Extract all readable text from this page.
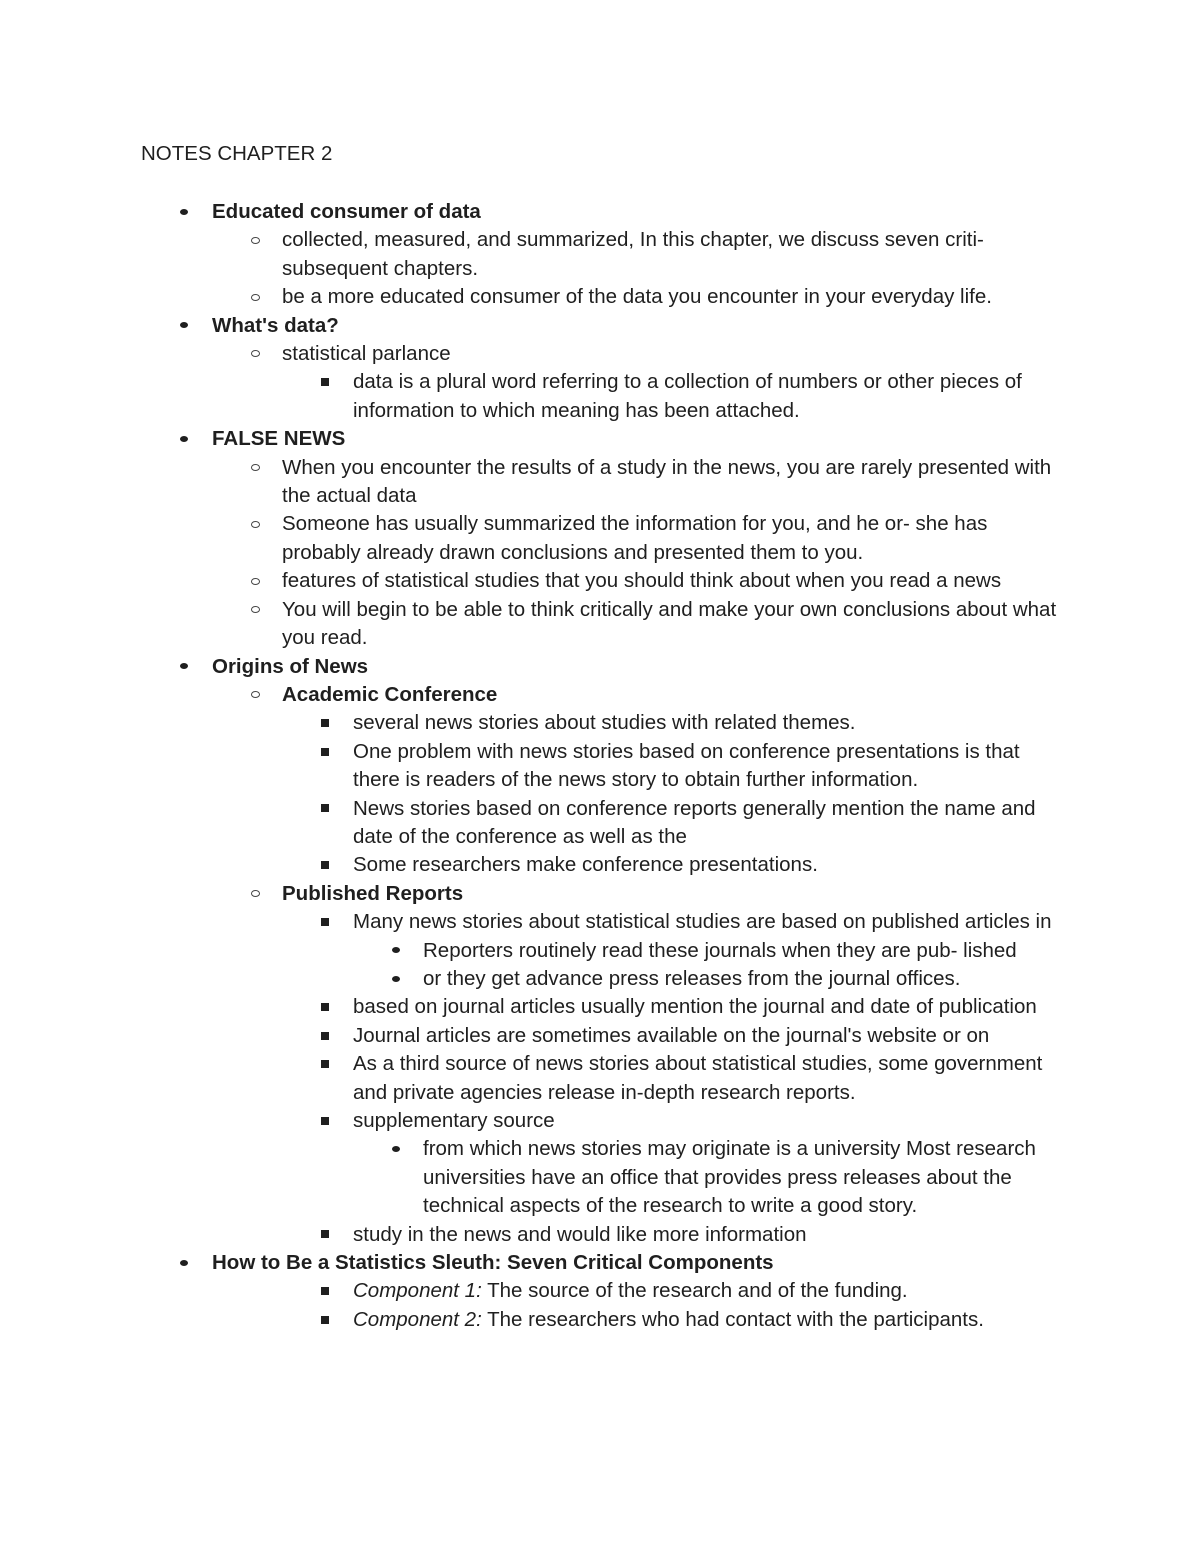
NOTES CHAPTER 2
Educated consumer of data
collected, measured, and summarized, In this chapter, we discuss seven criti- subsequent chapters.
be a more educated consumer of the data you encounter in your everyday life.
What's data?
statistical parlance
data is a plural word referring to a collection of numbers or other pieces of information to which meaning has been attached.
FALSE NEWS
When you encounter the results of a study in the news, you are rarely presented with the actual data
Someone has usually summarized the information for you, and he or- she has probably already drawn conclusions and presented them to you.
features of statistical studies that you should think about when you read a news
You will begin to be able to think critically and make your own conclusions about what you read.
Origins of News
Academic Conference
several news stories about studies with related themes.
One problem with news stories based on conference presentations is that there is readers of the news story to obtain further information.
News stories based on conference reports generally mention the name and date of the conference as well as the
Some researchers make conference presentations.
Published Reports
Many news stories about statistical studies are based on published articles in
Reporters routinely read these journals when they are pub- lished
or they get advance press releases from the journal offices.
based on journal articles usually mention the journal and date of publication
Journal articles are sometimes available on the journal's website or on
As a third source of news stories about statistical studies, some government and private agencies release in-depth research reports.
supplementary source
from which news stories may originate is a university Most research universities have an office that provides press releases about the technical aspects of the research to write a good story.
study in the news and would like more information
How to Be a Statistics Sleuth: Seven Critical Components
Component 1: The source of the research and of the funding.
Component 2: The researchers who had contact with the participants.
